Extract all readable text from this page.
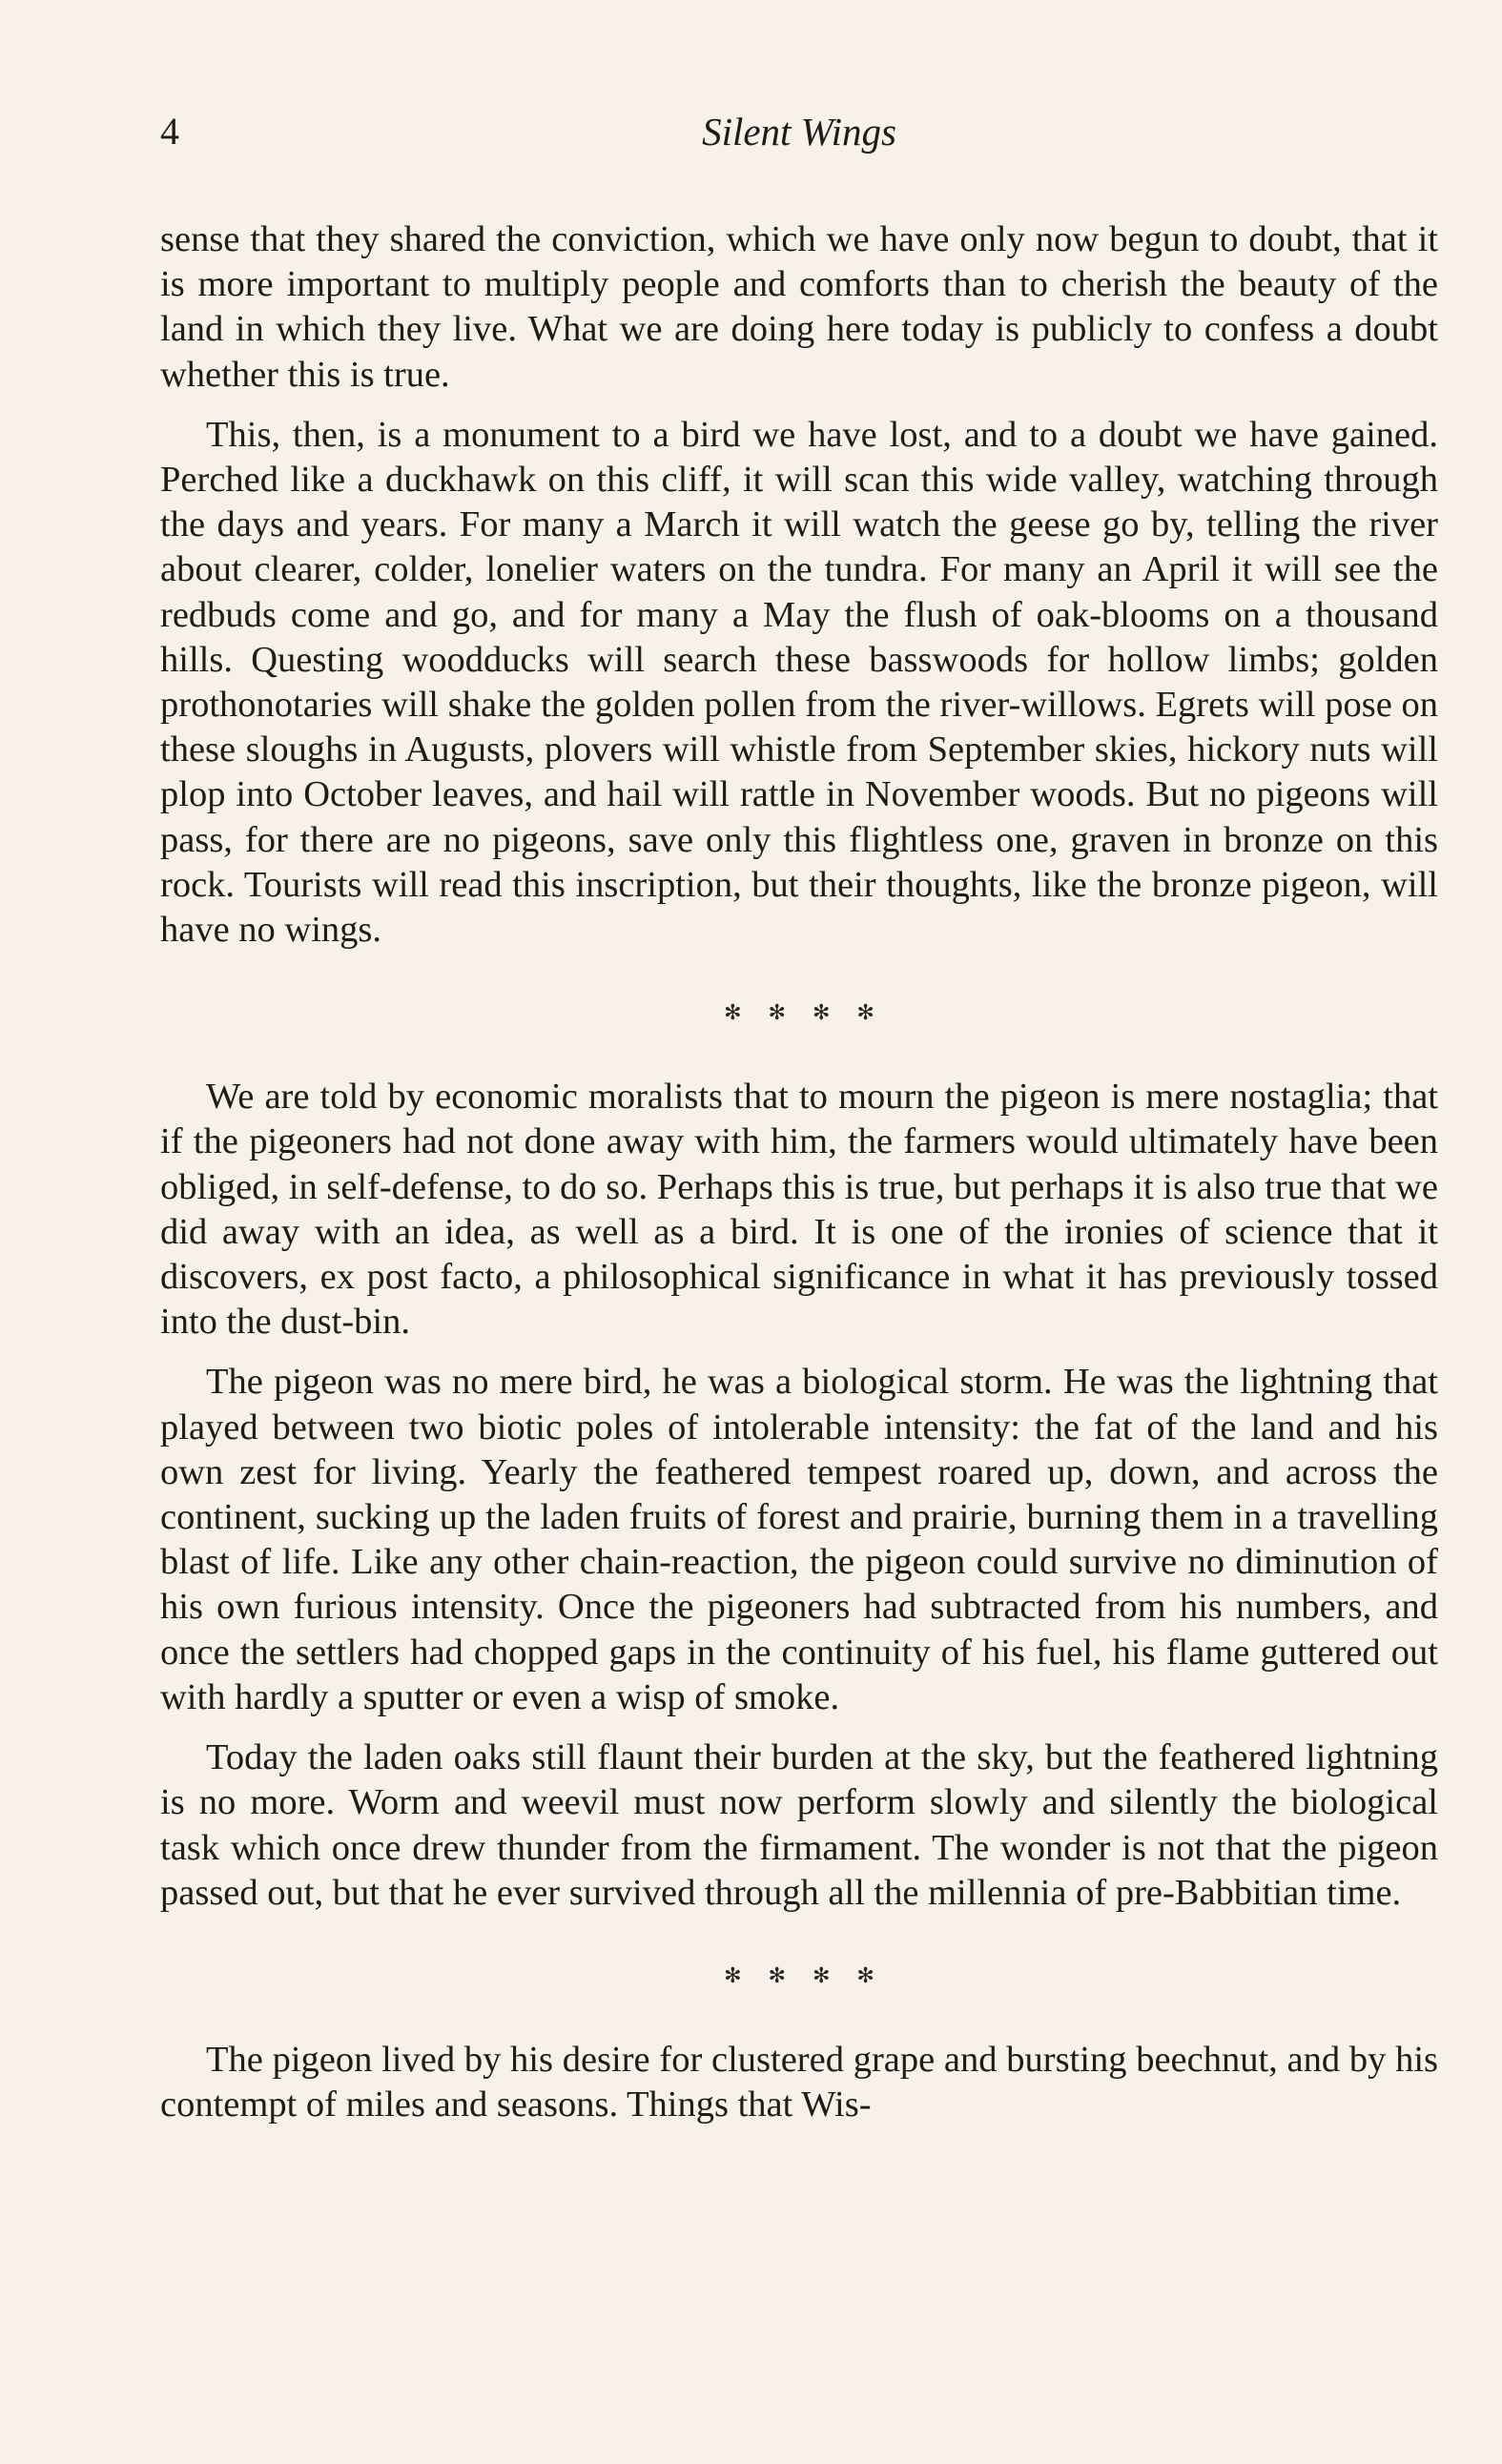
4	Silent Wings

sense that they shared the conviction, which we have only now begun to doubt, that it is more important to multiply people and comforts than to cherish the beauty of the land in which they live. What we are doing here today is publicly to confess a doubt whether this is true.

This, then, is a monument to a bird we have lost, and to a doubt we have gained. Perched like a duckhawk on this cliff, it will scan this wide valley, watching through the days and years. For many a March it will watch the geese go by, telling the river about clearer, colder, lonelier waters on the tundra. For many an April it will see the redbuds come and go, and for many a May the flush of oak-blooms on a thousand hills. Questing woodducks will search these basswoods for hollow limbs; golden prothonotaries will shake the golden pollen from the river-willows. Egrets will pose on these sloughs in Augusts, plovers will whistle from September skies, hickory nuts will plop into October leaves, and hail will rattle in November woods. But no pigeons will pass, for there are no pigeons, save only this flightless one, graven in bronze on this rock. Tourists will read this inscription, but their thoughts, like the bronze pigeon, will have no wings.

✻✻✻✻

We are told by economic moralists that to mourn the pigeon is mere nostaglia; that if the pigeoners had not done away with him, the farmers would ultimately have been obliged, in self-defense, to do so. Perhaps this is true, but perhaps it is also true that we did away with an idea, as well as a bird. It is one of the ironies of science that it discovers, ex post facto, a philosophical significance in what it has previously tossed into the dust-bin.

The pigeon was no mere bird, he was a biological storm. He was the lightning that played between two biotic poles of intolerable intensity: the fat of the land and his own zest for living. Yearly the feathered tempest roared up, down, and across the continent, sucking up the laden fruits of forest and prairie, burning them in a travelling blast of life. Like any other chain-reaction, the pigeon could survive no diminution of his own furious intensity. Once the pigeoners had subtracted from his numbers, and once the settlers had chopped gaps in the continuity of his fuel, his flame guttered out with hardly a sputter or even a wisp of smoke.

Today the laden oaks still flaunt their burden at the sky, but the feathered lightning is no more. Worm and weevil must now perform slowly and silently the biological task which once drew thunder from the firmament. The wonder is not that the pigeon passed out, but that he ever survived through all the millennia of pre-Babbitian time.

✻✻✻✻

The pigeon lived by his desire for clustered grape and bursting beechnut, and by his contempt of miles and seasons. Things that Wis-
